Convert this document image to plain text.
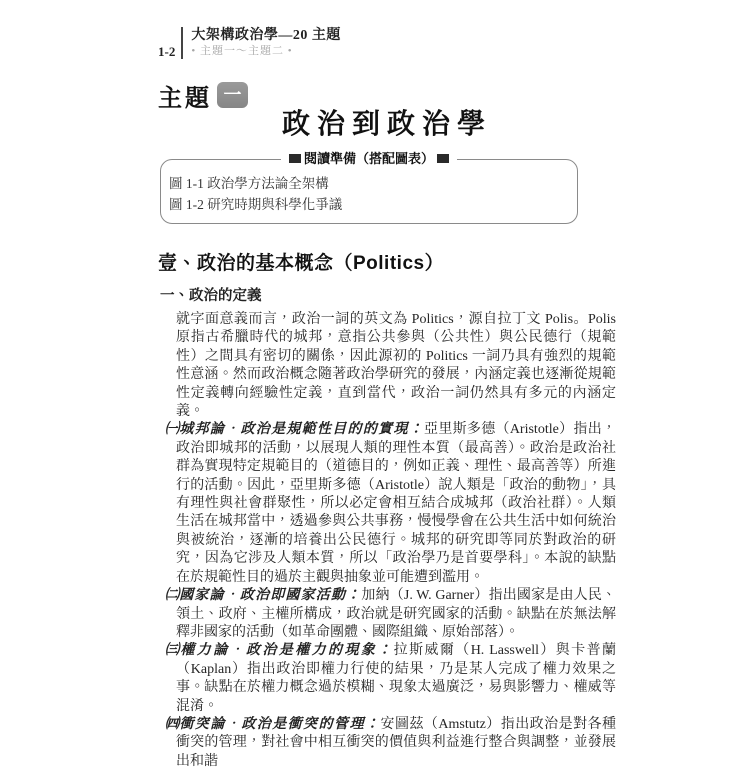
1-2
大架構政治學—20 主題
• 主題一～主題二 •
主題 一
政治到政治學
閱讀準備（搭配圖表）
圖 1-1 政治學方法論全架構
圖 1-2 研究時期與科學化爭議
壹、政治的基本概念（Politics）
一、政治的定義

就字面意義而言，政治一詞的英文為 Politics，源自拉丁文 Polis。Polis 原指古希臘時代的城邦，意指公共參與（公共性）與公民德行（規範性）之間具有密切的關係，因此源初的 Politics 一詞乃具有強烈的規範性意涵。然而政治概念隨著政治學研究的發展，內涵定義也逐漸從規範性定義轉向經驗性定義，直到當代，政治一詞仍然具有多元的內涵定義。

㈠城邦論‧政治是規範性目的的實現：亞里斯多德（Aristotle）指出，政治即城邦的活動，以展現人類的理性本質（最高善）。政治是政治社群為實現特定規範目的（道德目的，例如正義、理性、最高善等）所進行的活動。因此，亞里斯多德（Aristotle）說人類是「政治的動物」，具有理性與社會群聚性，所以必定會相互結合成城邦（政治社群）。人類生活在城邦當中，透過參與公共事務，慢慢學會在公共生活中如何統治與被統治，逐漸的培養出公民德行。城邦的研究即等同於對政治的研究，因為它涉及人類本質，所以「政治學乃是首要學科」。本說的缺點在於規範性目的過於主觀與抽象並可能遭到濫用。

㈡國家論‧政治即國家活動：加納（J. W. Garner）指出國家是由人民、領土、政府、主權所構成，政治就是研究國家的活動。缺點在於無法解釋非國家的活動（如革命團體、國際組織、原始部落）。

㈢權力論‧政治是權力的現象：拉斯威爾（H. Lasswell）與卡普蘭（Kaplan）指出政治即權力行使的結果，乃是某人完成了權力效果之事。缺點在於權力概念過於模糊、現象太過廣泛，易與影響力、權威等混淆。

㈣衝突論‧政治是衝突的管理：安圖茲（Amstutz）指出政治是對各種衝突的管理，對社會中相互衝突的價值與利益進行整合與調整，並發展出和諧
